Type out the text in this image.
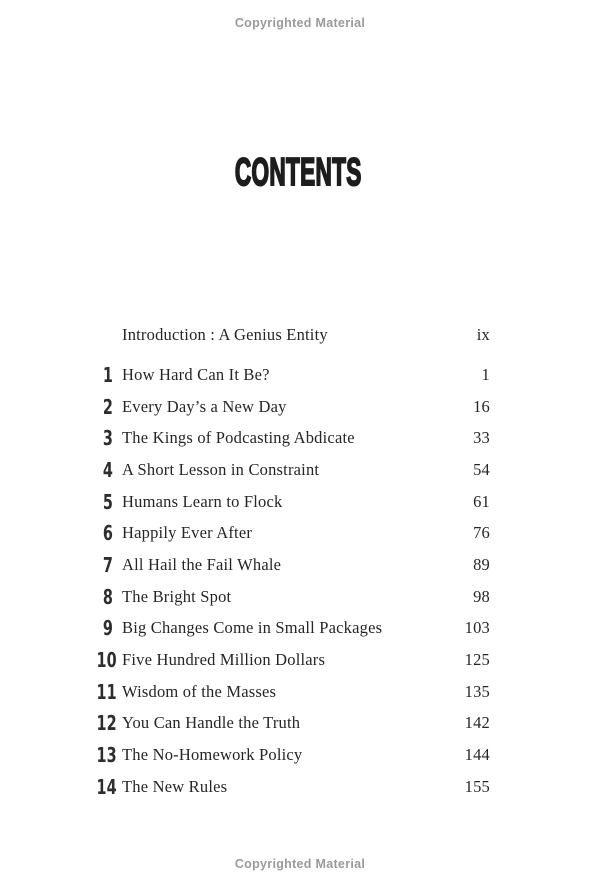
Copyrighted Material
CONTENTS
Introduction : A Genius Entity	ix
1 How Hard Can It Be?	1
2 Every Day’s a New Day	16
3 The Kings of Podcasting Abdicate	33
4 A Short Lesson in Constraint	54
5 Humans Learn to Flock	61
6 Happily Ever After	76
7 All Hail the Fail Whale	89
8 The Bright Spot	98
9 Big Changes Come in Small Packages	103
10 Five Hundred Million Dollars	125
11 Wisdom of the Masses	135
12 You Can Handle the Truth	142
13 The No-Homework Policy	144
14 The New Rules	155
Copyrighted Material
